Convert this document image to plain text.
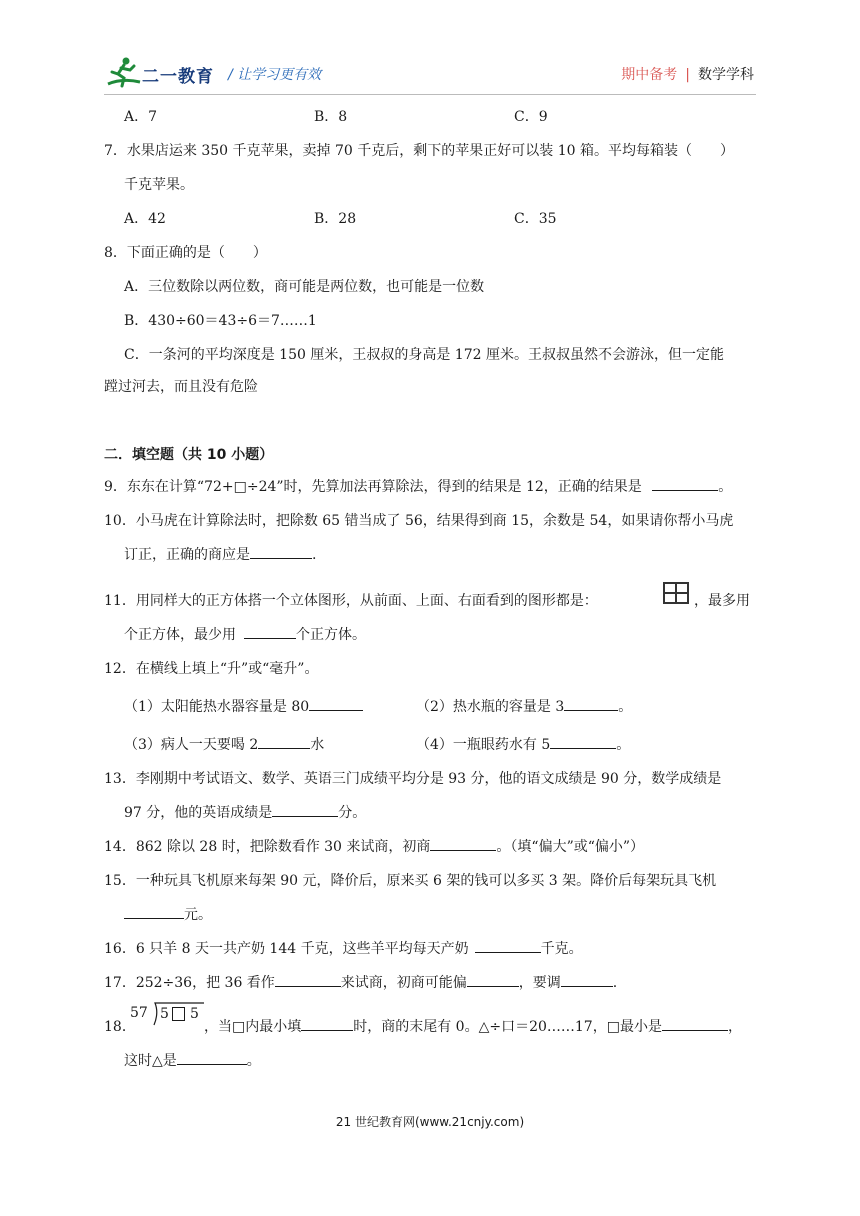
二一教育 / 让学习更有效	期中备考 | 数学学科
A．7	B．8	C．9
7．水果店运来 350 千克苹果，卖掉 70 千克后，剩下的苹果正好可以装 10 箱。平均每箱装（　　）
千克苹果。
A．42	B．28	C．35
8．下面正确的是（　　）
A．三位数除以两位数，商可能是两位数，也可能是一位数
B．430÷60＝43÷6＝7……1
C．一条河的平均深度是 150 厘米，王叔叔的身高是 172 厘米。王叔叔虽然不会游泳，但一定能
蹚过河去，而且没有危险
二．填空题（共 10 小题）
9．东东在计算“72+□÷24”时，先算加法再算除法，得到的结果是 12，正确的结果是	。
10．小马虎在计算除法时，把除数 65 错当成了 56，结果得到商 15，余数是 54，如果请你帮小马虎
订正，正确的商应是	.
11．用同样大的正方体搭一个立体图形，从前面、上面、右面看到的图形都是：	，最多用
个正方体，最少用	个正方体。
12．在横线上填上“升”或“毫升”。
（1）太阳能热水器容量是 80	（2）热水瓶的容量是 3	。
（3）病人一天要喝 2	水	（4）一瓶眼药水有 5	。
13．李刚期中考试语文、数学、英语三门成绩平均分是 93 分，他的语文成绩是 90 分，数学成绩是
97 分，他的英语成绩是	分。
14．862 除以 28 时，把除数看作 30 来试商，初商	。（填“偏大”或“偏小”）
15．一种玩具飞机原来每架 90 元，降价后，原来买 6 架的钱可以多买 3 架。降价后每架玩具飞机
元。
16．6 只羊 8 天一共产奶 144 千克，这些羊平均每天产奶	千克。
17．252÷36，把 36 看作	来试商，初商可能偏	，要调	.
18．
57 5 5
，当□内最小填	时，商的末尾有 0。△÷口＝20……17，□最小是	，
这时△是	。
21 世纪教育网(www.21cnjy.com)
